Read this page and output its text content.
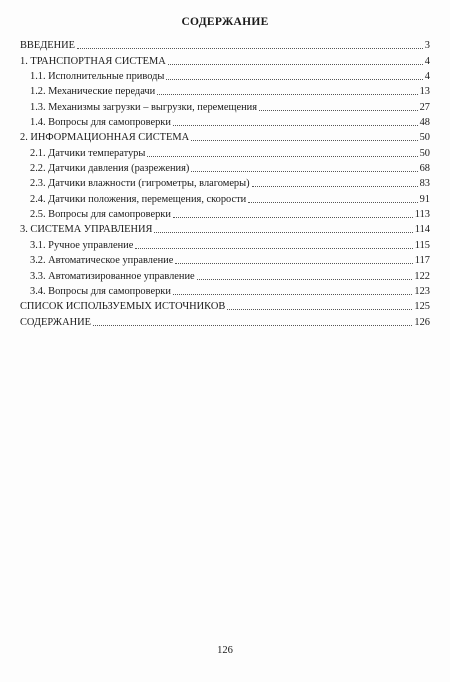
СОДЕРЖАНИЕ
ВВЕДЕНИЕ	3
1. ТРАНСПОРТНАЯ СИСТЕМА	4
1.1. Исполнительные приводы	4
1.2. Механические передачи	13
1.3. Механизмы загрузки – выгрузки, перемещения	27
1.4. Вопросы для самопроверки	48
2. ИНФОРМАЦИОННАЯ СИСТЕМА	50
2.1. Датчики температуры	50
2.2. Датчики давления (разрежения)	68
2.3. Датчики влажности (гигрометры, влагомеры)	83
2.4. Датчики положения, перемещения, скорости	91
2.5. Вопросы для самопроверки	113
3. СИСТЕМА УПРАВЛЕНИЯ	114
3.1. Ручное управление	115
3.2. Автоматическое управление	117
3.3. Автоматизированное управление	122
3.4. Вопросы для самопроверки	123
СПИСОК ИСПОЛЬЗУЕМЫХ ИСТОЧНИКОВ	125
СОДЕРЖАНИЕ	126
126
